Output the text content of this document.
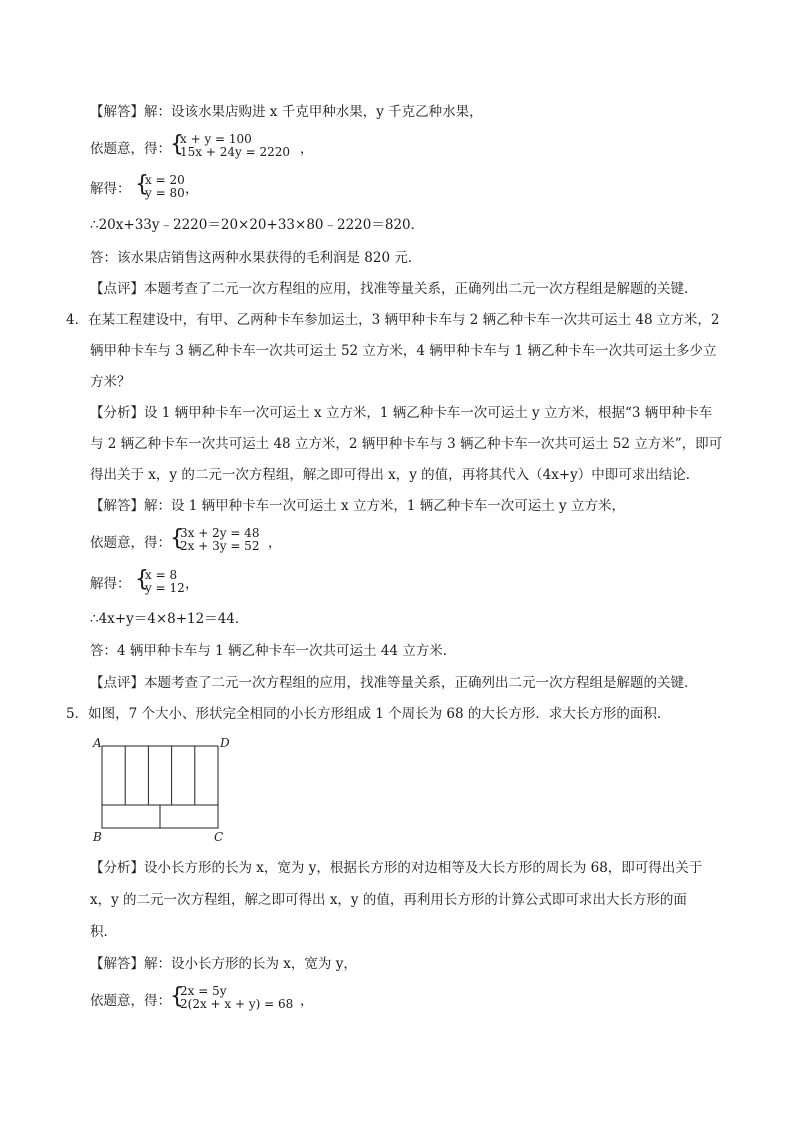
【解答】解：设该水果店购进 x 千克甲种水果，y 千克乙种水果，
依题意，得： {
x + y = 100
15x + 24y = 2220 ，
解得： {
x = 20
y = 80 ，
∴20x+33y﹣2220＝20×20+33×80﹣2220＝820．
答：该水果店销售这两种水果获得的毛利润是 820 元．
【点评】本题考查了二元一次方程组的应用，找准等量关系，正确列出二元一次方程组是解题的关键．
4．在某工程建设中，有甲、乙两种卡车参加运土，3 辆甲种卡车与 2 辆乙种卡车一次共可运土 48 立方米，2
辆甲种卡车与 3 辆乙种卡车一次共可运土 52 立方米，4 辆甲种卡车与 1 辆乙种卡车一次共可运土多少立
方米？
【分析】设 1 辆甲种卡车一次可运土 x 立方米，1 辆乙种卡车一次可运土 y 立方米，根据“3 辆甲种卡车
与 2 辆乙种卡车一次共可运土 48 立方米，2 辆甲种卡车与 3 辆乙种卡车一次共可运土 52 立方米”，即可
得出关于 x，y 的二元一次方程组，解之即可得出 x，y 的值，再将其代入（4x+y）中即可求出结论．
【解答】解：设 1 辆甲种卡车一次可运土 x 立方米，1 辆乙种卡车一次可运土 y 立方米，
依题意，得： {
3x + 2y = 48
2x + 3y = 52 ，
解得： {
x = 8
y = 12 ，
∴4x+y＝4×8+12＝44．
答：4 辆甲种卡车与 1 辆乙种卡车一次共可运土 44 立方米．
【点评】本题考查了二元一次方程组的应用，找准等量关系，正确列出二元一次方程组是解题的关键．
5．如图，7 个大小、形状完全相同的小长方形组成 1 个周长为 68 的大长方形．求大长方形的面积．
A	D
B	C
【分析】设小长方形的长为 x，宽为 y，根据长方形的对边相等及大长方形的周长为 68，即可得出关于
x，y 的二元一次方程组，解之即可得出 x，y 的值，再利用长方形的计算公式即可求出大长方形的面
积．
【解答】解：设小长方形的长为 x，宽为 y，
依题意，得： {
2x = 5y
2(2x + x + y) = 68 ，
